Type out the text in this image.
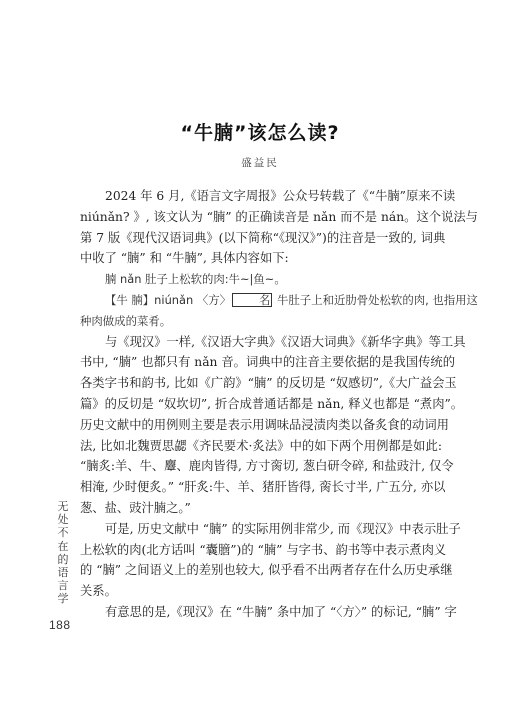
“牛腩”该怎么读?
盛益民
2024 年 6 月,《语言文字周报》公众号转载了《“牛腩”原来不读
niúnǎn? 》, 该文认为 “腩” 的正确读音是 nǎn 而不是 nán。这个说法与
第 7 版《现代汉语词典》(以下简称“《现汉》”)的注音是一致的, 词典
中收了 “腩” 和 “牛腩”, 具体内容如下:
腩 nǎn 肚子上松软的肉:牛~|鱼~。
【牛 腩】niúnǎn 〈方〉 名 牛肚子上和近肋骨处松软的肉, 也指用这
种肉做成的菜肴。
与《现汉》一样,《汉语大字典》《汉语大词典》《新华字典》等工具
书中, “腩” 也都只有 nǎn 音。词典中的注音主要依据的是我国传统的
各类字书和韵书, 比如《广韵》“腩” 的反切是 “奴感切”,《大广益会玉
篇》的反切是 “奴坎切”, 折合成普通话都是 nǎn, 释义也都是 “煮肉”。
历史文献中的用例则主要是表示用调味品浸渍肉类以备炙食的动词用
法, 比如北魏贾思勰《齐民要术·炙法》中的如下两个用例都是如此:
“腩炙:羊、牛、麞、鹿肉皆得, 方寸脔切, 葱白研令碎, 和盐豉汁, 仅令
相淹, 少时便炙。” “肝炙:牛、羊、猪肝皆得, 脔长寸半, 广五分, 亦以
葱、盐、豉汁腩之。”
可是, 历史文献中 “腩” 的实际用例非常少, 而《现汉》中表示肚子
上松软的肉(北方话叫 “囊膪”)的 “腩” 与字书、韵书等中表示煮肉义
的 “腩” 之间语义上的差别也较大, 似乎看不出两者存在什么历史承继
关系。
有意思的是,《现汉》在 “牛腩” 条中加了 “〈方〉” 的标记, “腩” 字
无
处
不
在
的
语
言
学
188
